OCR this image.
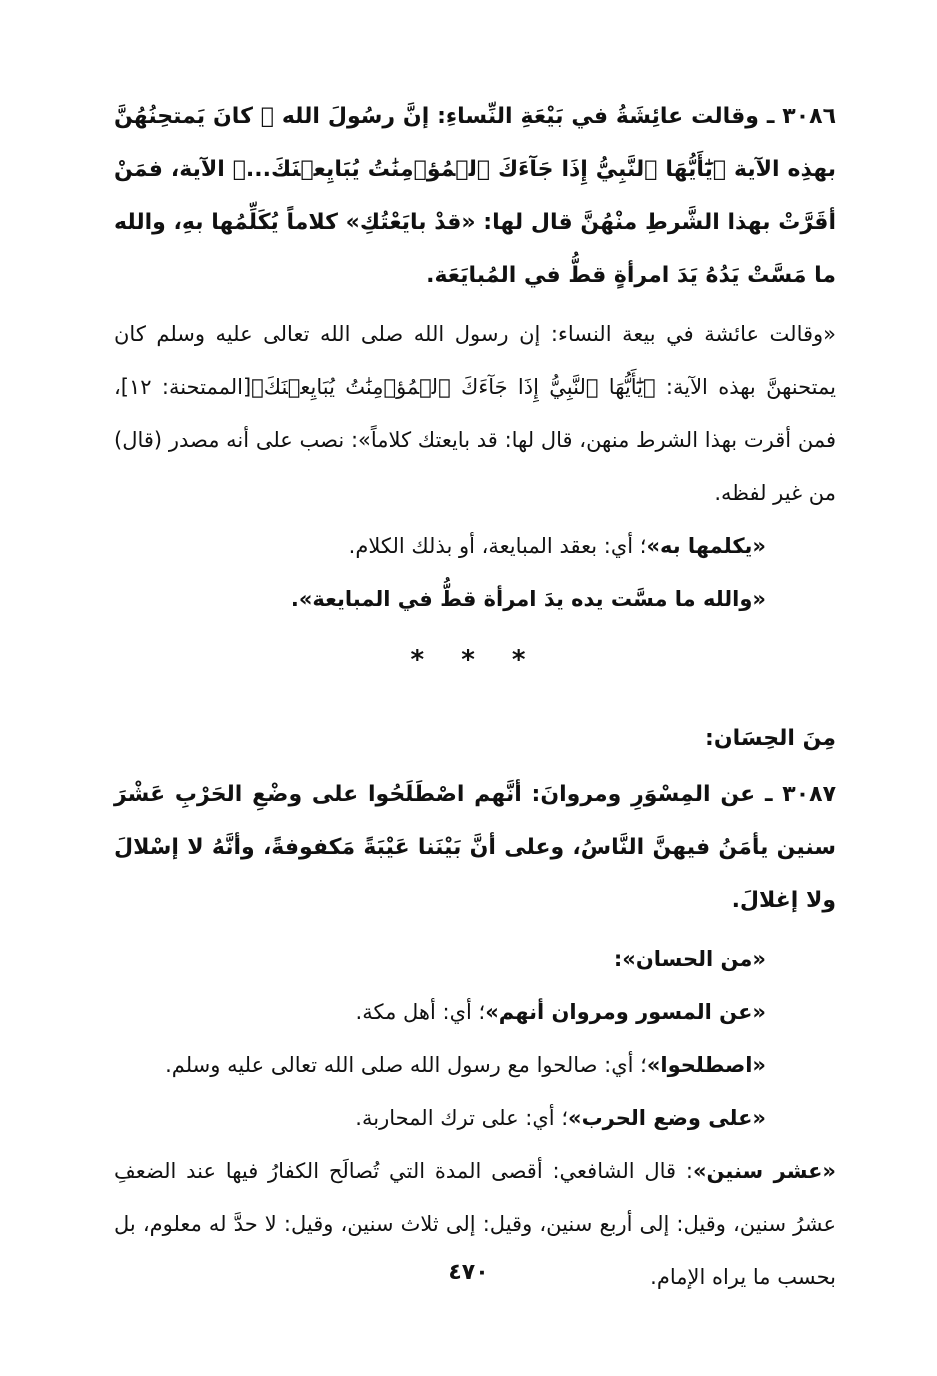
٣٠٨٦ ـ وقالت عائِشَةُ في بَيْعَةِ النِّساءِ: إنَّ رسُولَ الله ﷺ كانَ يَمتحِنُهُنَّ بهذِه الآية ﴿يَٰٓأَيُّهَا ٱلنَّبِيُّ إِذَا جَآءَكَ ٱلۡمُؤۡمِنَٰتُ يُبَايِعۡنَكَ...﴾ الآية، فمَنْ أقَرَّتْ بهذا الشَّرطِ منْهُنَّ قال لها: «قدْ بايَعْتُكِ» كلاماً يُكَلِّمُها بهِ، والله ما مَسَّتْ يَدُهُ يَدَ امرأةٍ قطُّ في المُبايَعَة.

«وقالت عائشة في بيعة النساء: إن رسول الله صلى الله تعالى عليه وسلم كان يمتحنهنَّ بهذه الآية: ﴿يَٰٓأَيُّهَا ٱلنَّبِيُّ إِذَا جَآءَكَ ٱلۡمُؤۡمِنَٰتُ يُبَايِعۡنَكَ﴾[الممتحنة: ١٢]، فمن أقرت بهذا الشرط منهن، قال لها: قد بايعتك كلاماً»: نصب على أنه مصدر (قال) من غير لفظه.

«يكلمها به»؛ أي: بعقد المبايعة، أو بذلك الكلام.

«والله ما مسَّت يده يدَ امرأة قطُّ في المبايعة».

* * *

مِنَ الحِسَان:

٣٠٨٧ ـ عن المِسْوَرِ ومروانَ: أنَّهم اصْطَلَحُوا على وضْعِ الحَرْبِ عَشْرَ سنين يأمَنُ فيهنَّ النَّاسُ، وعلى أنَّ بَيْنَنا عَيْبَةً مَكفوفةً، وأنَّهُ لا إسْلالَ ولا إغلالَ.

«من الحسان»:

«عن المسور ومروان أنهم»؛ أي: أهل مكة.

«اصطلحوا»؛ أي: صالحوا مع رسول الله صلى الله تعالى عليه وسلم.

«على وضع الحرب»؛ أي: على ترك المحاربة.

«عشر سنين»: قال الشافعي: أقصى المدة التي تُصالَح الكفارُ فيها عند الضعفِ عشرُ سنين، وقيل: إلى أربع سنين، وقيل: إلى ثلاث سنين، وقيل: لا حدَّ له معلوم، بل بحسب ما يراه الإمام.

٤٧٠
